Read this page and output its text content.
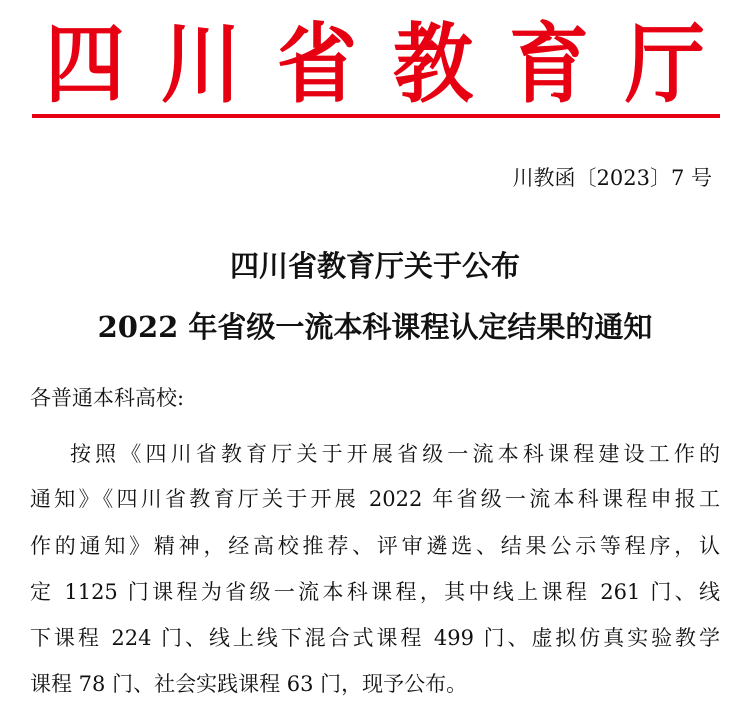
四川省教育厅
川教函〔2023〕7 号
四川省教育厅关于公布
2022 年省级一流本科课程认定结果的通知
各普通本科高校:
按照《四川省教育厅关于开展省级一流本科课程建设工作的
通知》《四川省教育厅关于开展 2022 年省级一流本科课程申报工
作的通知》精神，经高校推荐、评审遴选、结果公示等程序，认
定 1125 门课程为省级一流本科课程，其中线上课程 261 门、线
下课程 224 门、线上线下混合式课程 499 门、虚拟仿真实验教学
课程 78 门、社会实践课程 63 门，现予公布。
